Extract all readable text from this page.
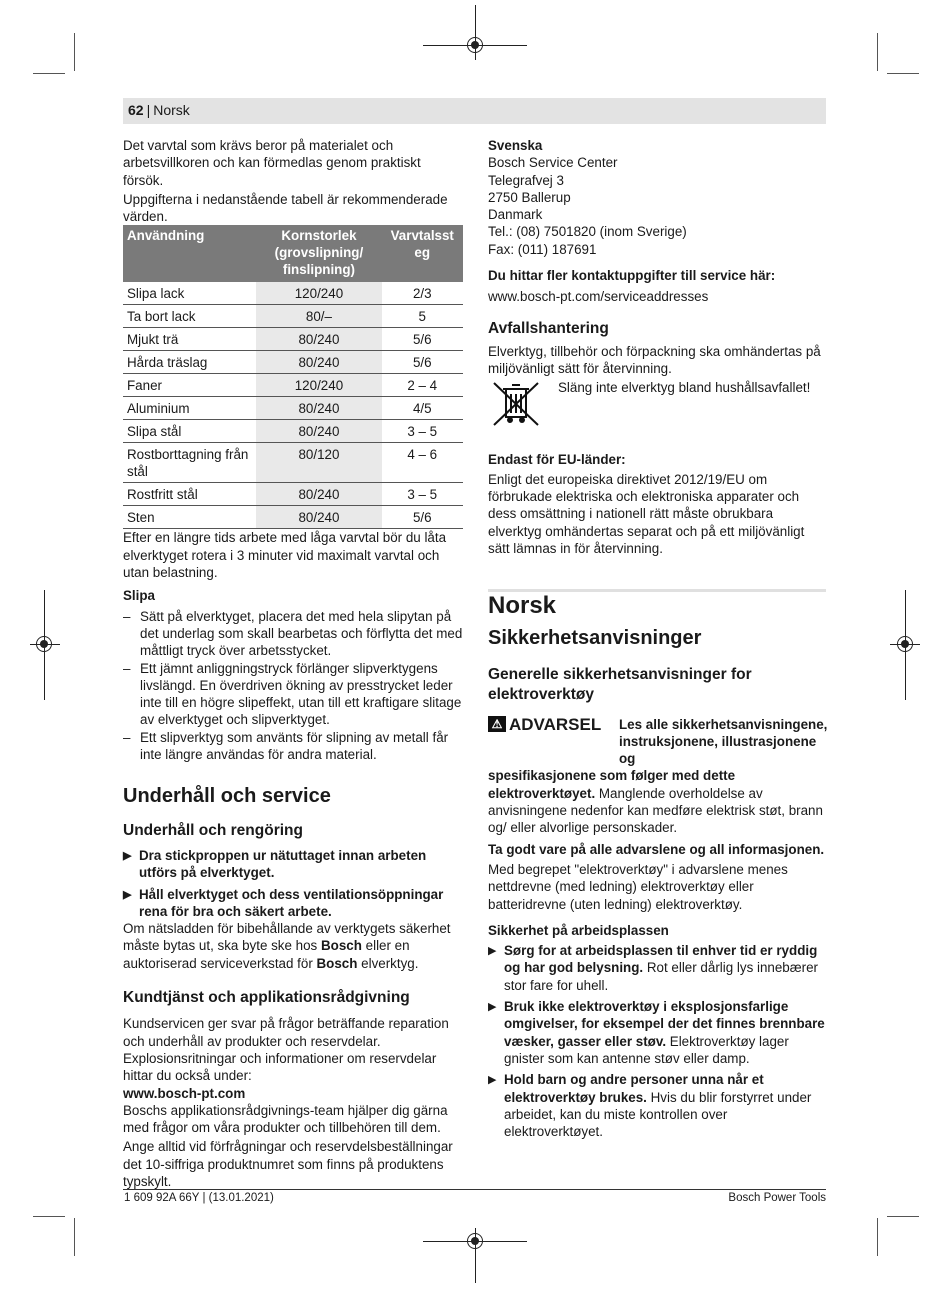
62 | Norsk

Det varvtal som krävs beror på materialet och arbetsvillkoren och kan förmedlas genom praktiskt försök.

Uppgifterna i nedanstående tabell är rekommenderade värden.

Användning	Kornstorlek (grovslipning/ finslipning)	Varvtalsst eg
Slipa lack	120/240	2/3
Ta bort lack	80/–	5
Mjukt trä	80/240	5/6
Hårda träslag	80/240	5/6
Faner	120/240	2 – 4
Aluminium	80/240	4/5
Slipa stål	80/240	3 – 5
Rostborttagning från stål	80/120	4 – 6
Rostfritt stål	80/240	3 – 5
Sten	80/240	5/6

Efter en längre tids arbete med låga varvtal bör du låta elverktyget rotera i 3 minuter vid maximalt varvtal och utan belastning.

Slipa

– Sätt på elverktyget, placera det med hela slipytan på det underlag som skall bearbetas och förflytta det med måttligt tryck över arbetsstycket.
– Ett jämnt anliggningstryck förlänger slipverktygens livslängd. En överdriven ökning av presstrycket leder inte till en högre slipeffekt, utan till ett kraftigare slitage av elverktyget och slipverktyget.
– Ett slipverktyg som använts för slipning av metall får inte längre användas för andra material.
Underhåll och service
Underhåll och rengöring
▶ Dra stickproppen ur nätuttaget innan arbeten utförs på elverktyget.
▶ Håll elverktyget och dess ventilationsöppningar rena för bra och säkert arbete.

Om nätsladden för bibehållande av verktygets säkerhet måste bytas ut, ska byte ske hos Bosch eller en auktoriserad serviceverkstad för Bosch elverktyg.

Kundtjänst och applikationsrådgivning

Kundservicen ger svar på frågor beträffande reparation och underhåll av produkter och reservdelar. Explosionsritningar och informationer om reservdelar hittar du också under:

www.bosch-pt.com

Boschs applikationsrådgivnings-team hjälper dig gärna med frågor om våra produkter och tillbehören till dem.

Ange alltid vid förfrågningar och reservdelsbeställningar det 10-siffriga produktnumret som finns på produktens typskylt.

Svenska

Bosch Service Center

Telegrafvej 3

2750 Ballerup

Danmark

Tel.: (08) 7501820 (inom Sverige)

Fax: (011) 187691

Du hittar fler kontaktuppgifter till service här:

www.bosch-pt.com/serviceaddresses

Avfallshantering

Elverktyg, tillbehör och förpackning ska omhändertas på miljövänligt sätt för återvinning.

Släng inte elverktyg bland hushållsavfallet!

Endast för EU-länder:

Enligt det europeiska direktivet 2012/19/EU om förbrukade elektriska och elektroniska apparater och dess omsättning i nationell rätt måste obrukbara elverktyg omhändertas separat och på ett miljövänligt sätt lämnas in för återvinning.

Norsk
Sikkerhetsanvisninger
Generelle sikkerhetsanvisninger for elektroverktøy
⚠ ADVARSEL Les alle sikkerhetsanvisningene, instruksjonene, illustrasjonene og

spesifikasjonene som følger med dette elektroverktøyet. Manglende overholdelse av anvisningene nedenfor kan medføre elektrisk støt, brann og/ eller alvorlige personskader.

Ta godt vare på alle advarslene og all informasjonen.

Med begrepet "elektroverktøy" i advarslene menes nettdrevne (med ledning) elektroverktøy eller batteridrevne (uten ledning) elektroverktøy.

Sikkerhet på arbeidsplassen

▶ Sørg for at arbeidsplassen til enhver tid er ryddig og har god belysning. Rot eller dårlig lys innebærer stor fare for uhell.
▶ Bruk ikke elektroverktøy i eksplosjonsfarlige omgivelser, for eksempel der det finnes brennbare væsker, gasser eller støv. Elektroverktøy lager gnister som kan antenne støv eller damp.
▶ Hold barn og andre personer unna når et elektroverktøy brukes. Hvis du blir forstyrret under arbeidet, kan du miste kontrollen over elektroverktøyet.
1 609 92A 66Y | (13.01.2021)	Bosch Power Tools
